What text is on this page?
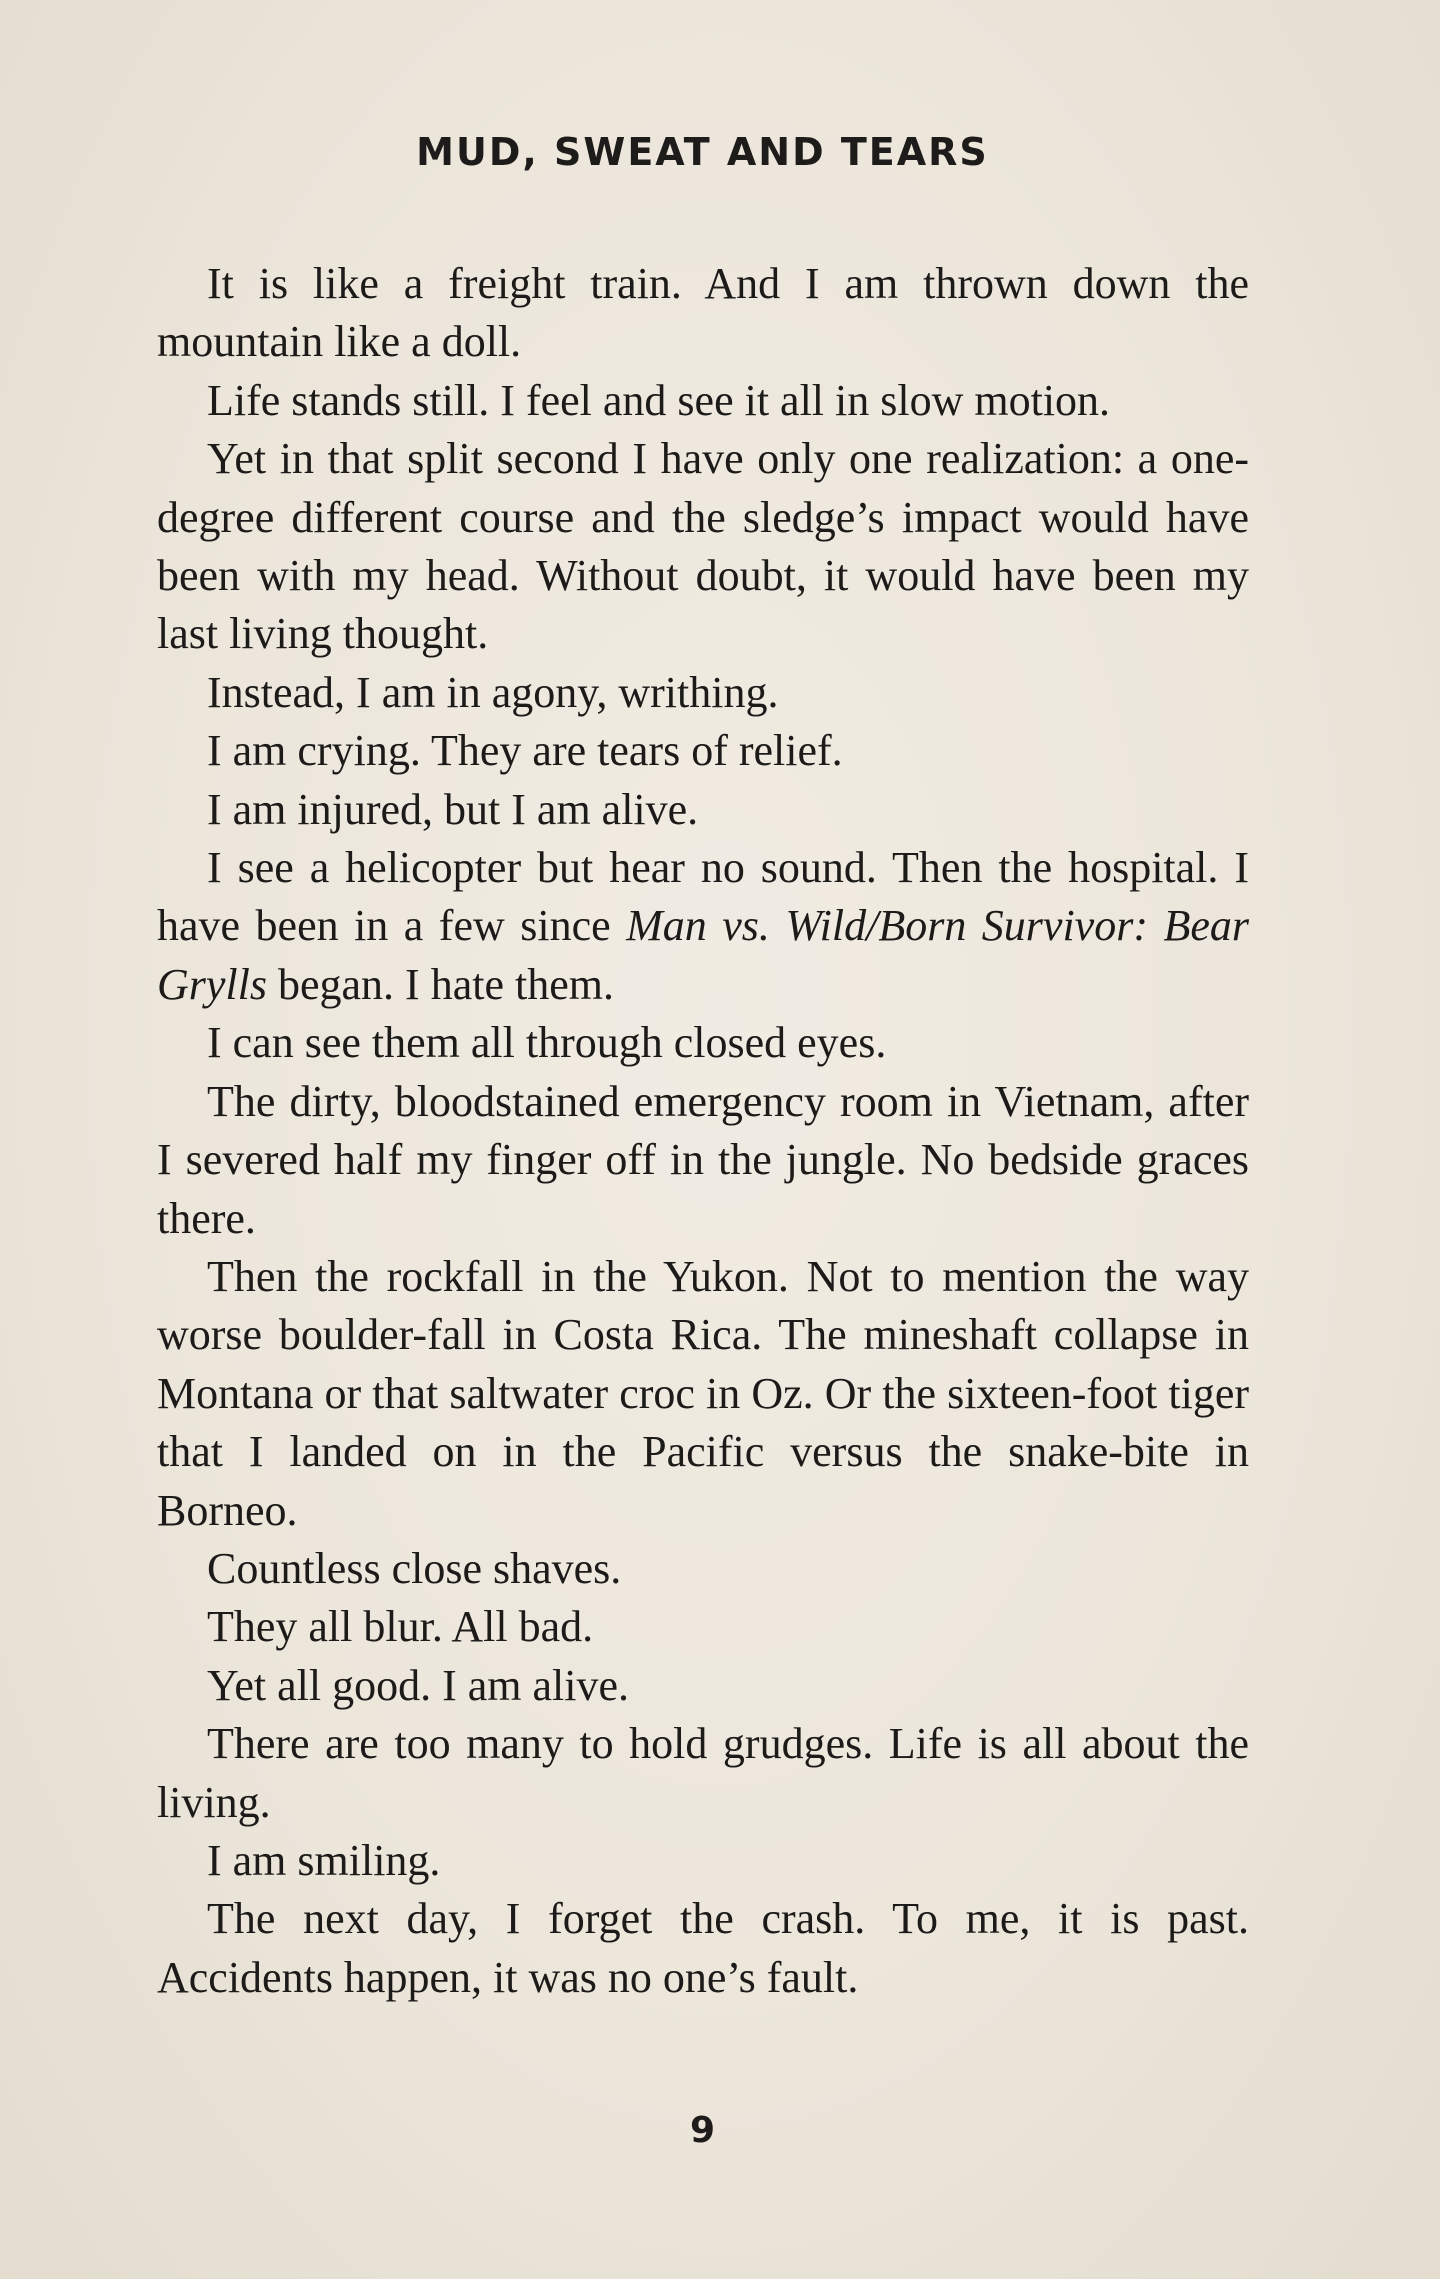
MUD, SWEAT AND TEARS

It is like a freight train. And I am thrown down the mountain like a doll.

Life stands still. I feel and see it all in slow motion.

Yet in that split second I have only one realization: a one-degree different course and the sledge’s impact would have been with my head. Without doubt, it would have been my last living thought.

Instead, I am in agony, writhing.

I am crying. They are tears of relief.

I am injured, but I am alive.

I see a helicopter but hear no sound. Then the hospital. I have been in a few since Man vs. Wild/Born Survivor: Bear Grylls began. I hate them.

I can see them all through closed eyes.

The dirty, bloodstained emergency room in Vietnam, after I severed half my finger off in the jungle. No bedside graces there.

Then the rockfall in the Yukon. Not to mention the way worse boulder-fall in Costa Rica. The mineshaft collapse in Montana or that saltwater croc in Oz. Or the sixteen-foot tiger that I landed on in the Pacific versus the snake-bite in Borneo.

Countless close shaves.

They all blur. All bad.

Yet all good. I am alive.

There are too many to hold grudges. Life is all about the living.

I am smiling.

The next day, I forget the crash. To me, it is past. Accidents happen, it was no one’s fault.

9
